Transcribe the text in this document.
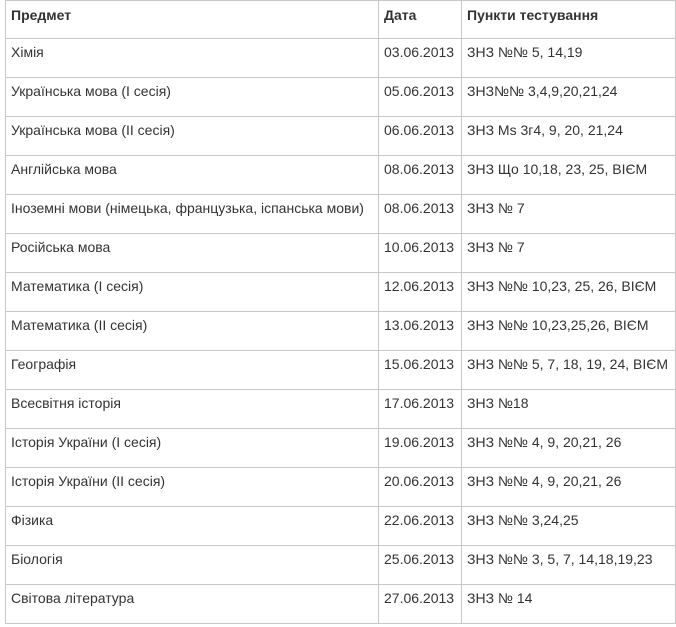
Предмет	Дата	Пункти тестування
Хімія	03.06.2013	ЗНЗ №№ 5, 14,19
Українська мова (І сесія)	05.06.2013	ЗНЗ№№ 3,4,9,20,21,24
Українська мова (ІІ сесія)	06.06.2013	ЗНЗ Ms 3г4, 9, 20, 21,24
Англійська мова	08.06.2013	ЗНЗ Що 10,18, 23, 25, ВІЄМ
Іноземні мови (німецька, французька, іспанська мови)	08.06.2013	ЗНЗ № 7
Російська мова	10.06.2013	ЗНЗ № 7
Математика (І сесія)	12.06.2013	ЗНЗ №№ 10,23, 25, 26, ВІЄМ
Математика (ІІ сесія)	13.06.2013	ЗНЗ №№ 10,23,25,26, ВІЄМ
Географія	15.06.2013	ЗНЗ №№ 5, 7, 18, 19, 24, ВІЄМ
Всесвітня історія	17.06.2013	ЗНЗ №18
Історія України (І сесія)	19.06.2013	ЗНЗ №№ 4, 9, 20,21, 26
Історія України (ІІ сесія)	20.06.2013	ЗНЗ №№ 4, 9, 20,21, 26
Фізика	22.06.2013	ЗНЗ №№ 3,24,25
Біологія	25.06.2013	ЗНЗ №№ 3, 5, 7, 14,18,19,23
Світова література	27.06.2013	ЗНЗ № 14
